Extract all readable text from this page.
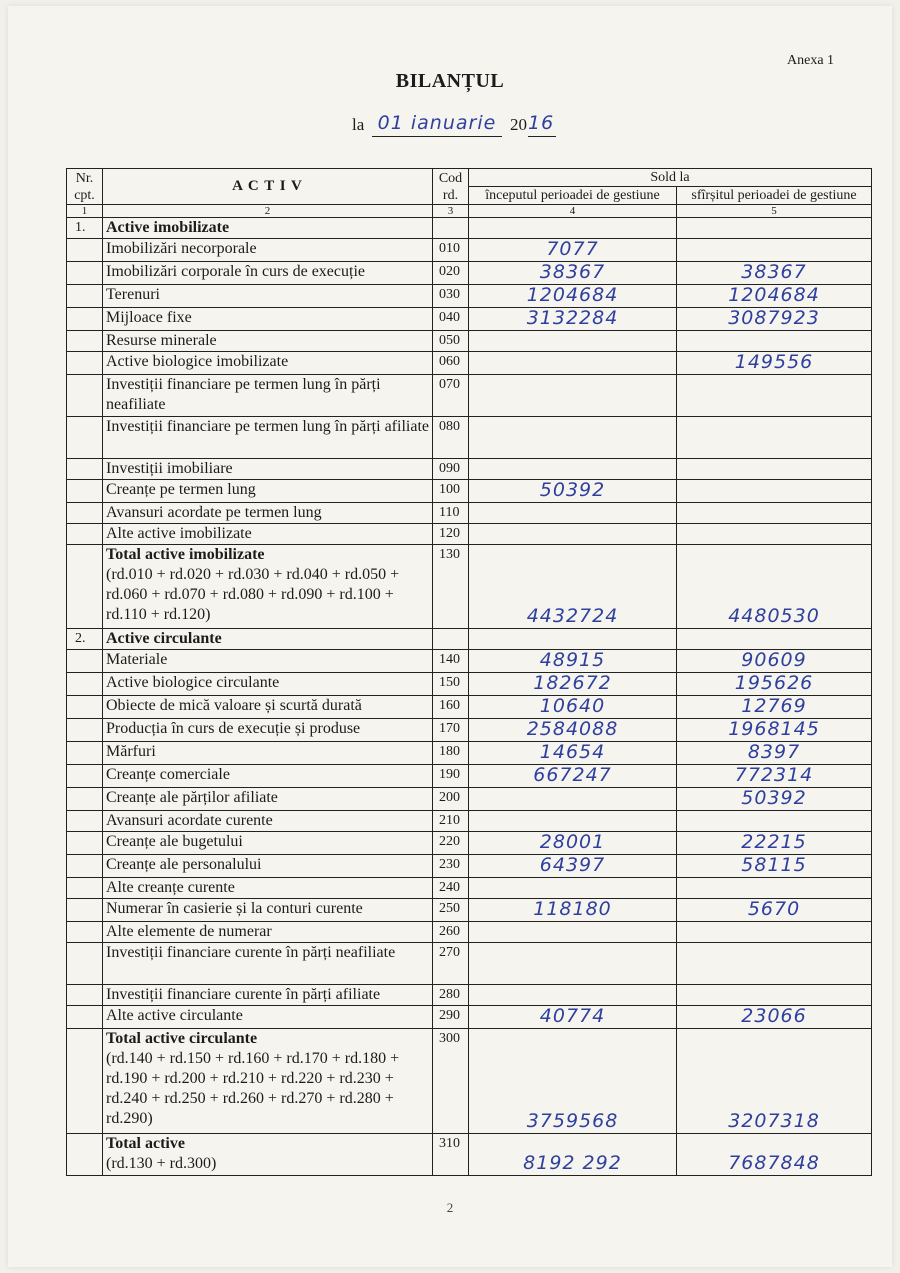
Anexa 1
BILANȚUL
la 01 ianuarie 20 16
Nr. cpt.	A C T I V	Cod rd.	Sold la	
			începutul perioadei de gestiune	sfîrșitul perioadei de gestiune
1	2	3	4	5
1.	Active imobilizate			
	Imobilizări necorporale	010	7077	
	Imobilizări corporale în curs de execuție	020	38367	38367
	Terenuri	030	1204684	1204684
	Mijloace fixe	040	3132284	3087923
	Resurse minerale	050		
	Active biologice imobilizate	060		149556
	Investiții financiare pe termen lung în părți neafiliate	070		
	Investiții financiare pe termen lung în părți afiliate	080		
	Investiții imobiliare	090		
	Creanțe pe termen lung	100	50392	
	Avansuri acordate pe termen lung	110		
	Alte active imobilizate	120		
	Total active imobilizate
(rd.010 + rd.020 + rd.030 + rd.040 + rd.050 + rd.060 + rd.070 + rd.080 + rd.090 + rd.100 + rd.110 + rd.120)	130	4432724	4480530
2.	Active circulante			
	Materiale	140	48915	90609
	Active biologice circulante	150	182672	195626
	Obiecte de mică valoare și scurtă durată	160	10640	12769
	Producția în curs de execuție și produse	170	2584088	1968145
	Mărfuri	180	14654	8397
	Creanțe comerciale	190	667247	772314
	Creanțe ale părților afiliate	200		50392
	Avansuri acordate curente	210		
	Creanțe ale bugetului	220	28001	22215
	Creanțe ale personalului	230	64397	58115
	Alte creanțe curente	240		
	Numerar în casierie și la conturi curente	250	118180	5670
	Alte elemente de numerar	260		
	Investiții financiare curente în părți neafiliate	270		
	Investiții financiare curente în părți afiliate	280		
	Alte active circulante	290	40774	23066
	Total active circulante
(rd.140 + rd.150 + rd.160 + rd.170 + rd.180 + rd.190 + rd.200 + rd.210 + rd.220 + rd.230 + rd.240 + rd.250 + rd.260 + rd.270 + rd.280 + rd.290)	300	3759568	3207318
	Total active
(rd.130 + rd.300)	310	8192 292	7687848
2
